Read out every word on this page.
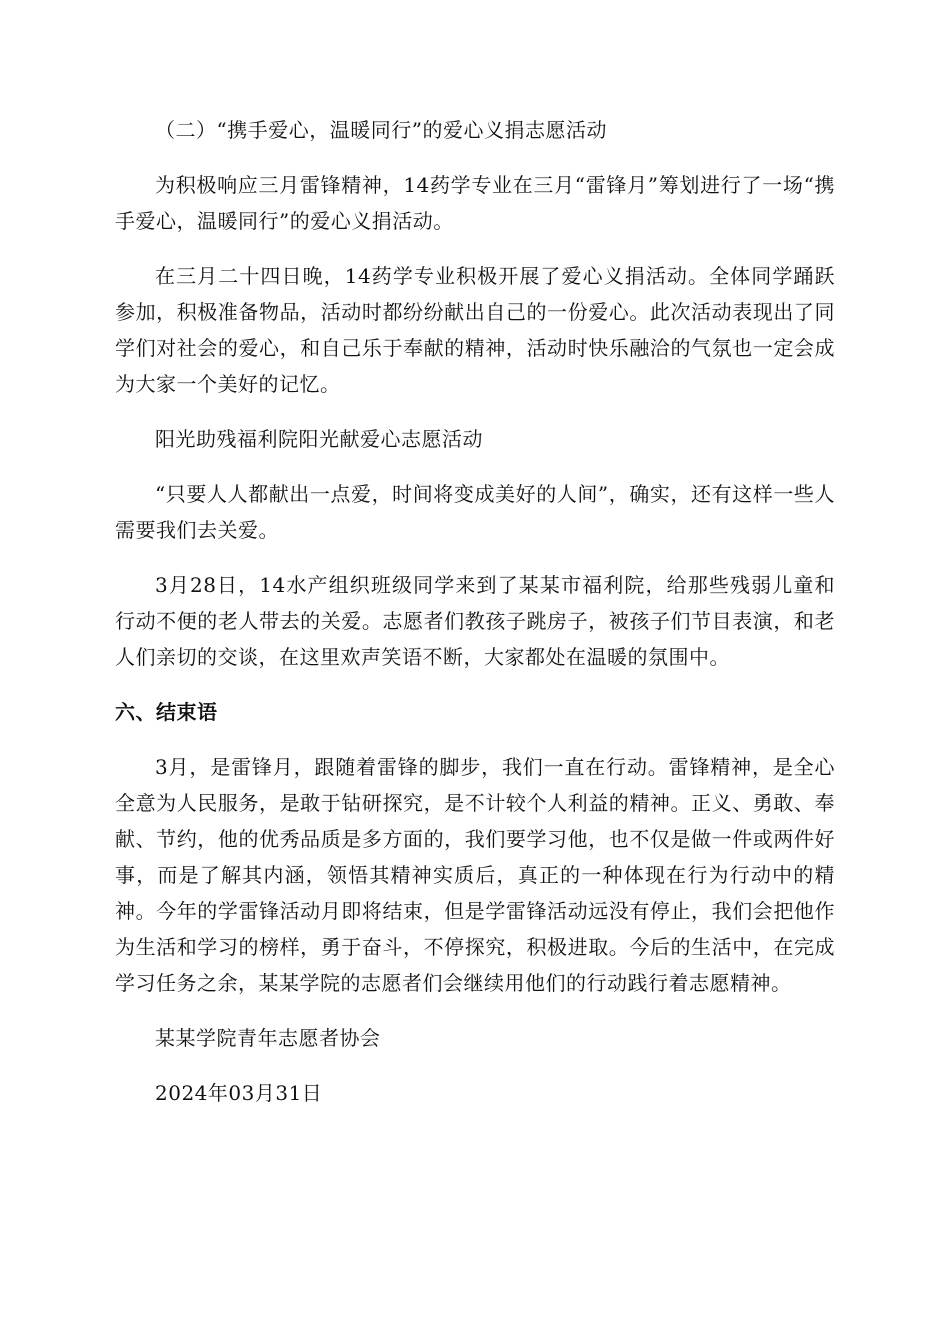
（二）“携手爱心，温暖同行”的爱心义捐志愿活动

为积极响应三月雷锋精神，14药学专业在三月“雷锋月”筹划进行了一场“携手爱心，温暖同行”的爱心义捐活动。

在三月二十四日晚，14药学专业积极开展了爱心义捐活动。全体同学踊跃参加，积极准备物品，活动时都纷纷献出自己的一份爱心。此次活动表现出了同学们对社会的爱心，和自己乐于奉献的精神，活动时快乐融洽的气氛也一定会成为大家一个美好的记忆。

阳光助残福利院阳光献爱心志愿活动

“只要人人都献出一点爱，时间将变成美好的人间”，确实，还有这样一些人需要我们去关爱。

3月28日，14水产组织班级同学来到了某某市福利院，给那些残弱儿童和行动不便的老人带去的关爱。志愿者们教孩子跳房子，被孩子们节目表演，和老人们亲切的交谈，在这里欢声笑语不断，大家都处在温暖的氛围中。

六、结束语

3月，是雷锋月，跟随着雷锋的脚步，我们一直在行动。雷锋精神，是全心全意为人民服务，是敢于钻研探究，是不计较个人利益的精神。正义、勇敢、奉献、节约，他的优秀品质是多方面的，我们要学习他，也不仅是做一件或两件好事，而是了解其内涵，领悟其精神实质后，真正的一种体现在行为行动中的精神。今年的学雷锋活动月即将结束，但是学雷锋活动远没有停止，我们会把他作为生活和学习的榜样，勇于奋斗，不停探究，积极进取。今后的生活中，在完成学习任务之余，某某学院的志愿者们会继续用他们的行动践行着志愿精神。

某某学院青年志愿者协会

2024年03月31日
